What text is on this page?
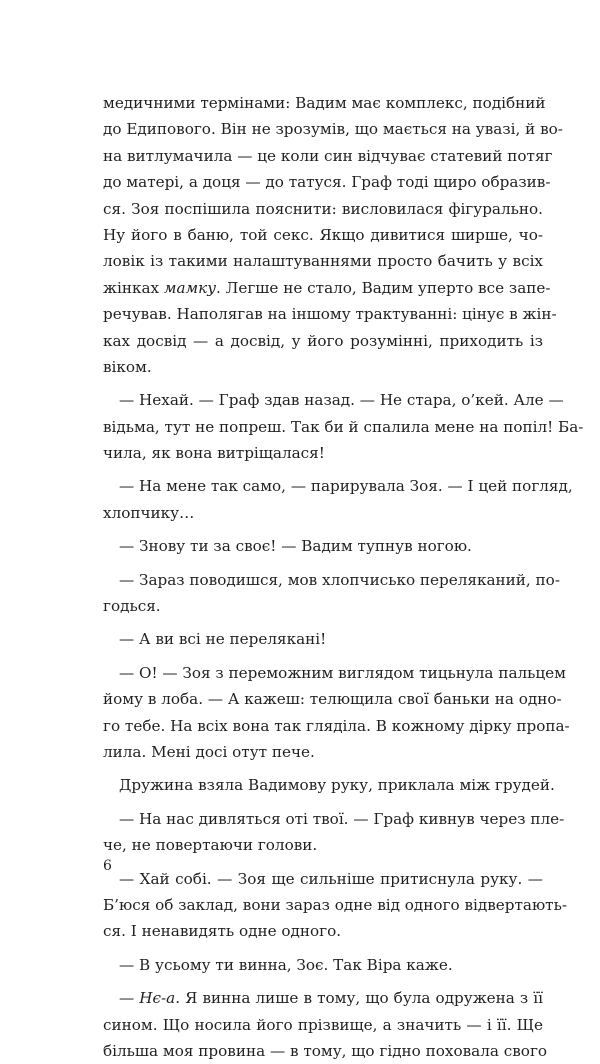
медичними термінами: Вадим має комплекс, подібний
до Едипового. Він не зрозумів, що мається на увазі, й во-
на витлумачила — це коли син відчуває статевий потяг
до матері, а доця — до татуся. Граф тоді щиро образив-
ся. Зоя поспішила пояснити: висловилася фігурально.
Ну його в баню, той секс. Якщо дивитися ширше, чо-
ловік із такими налаштуваннями просто бачить у всіх
жінках мамку. Легше не стало, Вадим уперто все запе-
речував. Наполягав на іншому трактуванні: цінує в жін-
ках досвід — а досвід, у його розумінні, приходить із
віком.
— Нехай. — Граф здав назад. — Не стара, о’кей. Але —
відьма, тут не попреш. Так би й спалила мене на попіл! Ба-
чила, як вона витріщалася!
— На мене так само, — парирувала Зоя. — І цей погляд,
хлопчику…
— Знову ти за своє! — Вадим тупнув ногою.
— Зараз поводишся, мов хлопчисько переляканий, по-
годься.
— А ви всі не перелякані!
— О! — Зоя з переможним виглядом тицьнула пальцем
йому в лоба. — А кажеш: телющила свої баньки на одно-
го тебе. На всіх вона так гляділа. В кожному дірку пропа-
лила. Мені досі отут пече.
Дружина взяла Вадимову руку, приклала між грудей.
— На нас дивляться оті твої. — Граф кивнув через пле-
че, не повертаючи голови.
— Хай собі. — Зоя ще сильніше притиснула руку. —
Б’юся об заклад, вони зараз одне від одного відвертають-
ся. І ненавидять одне одного.
— В усьому ти винна, Зоє. Так Віра каже.
— Нє-а. Я винна лише в тому, що була одружена з її
сином. Що носила його прізвище, а значить — і її. Ще
більша моя провина — в тому, що гідно поховала свого
6
